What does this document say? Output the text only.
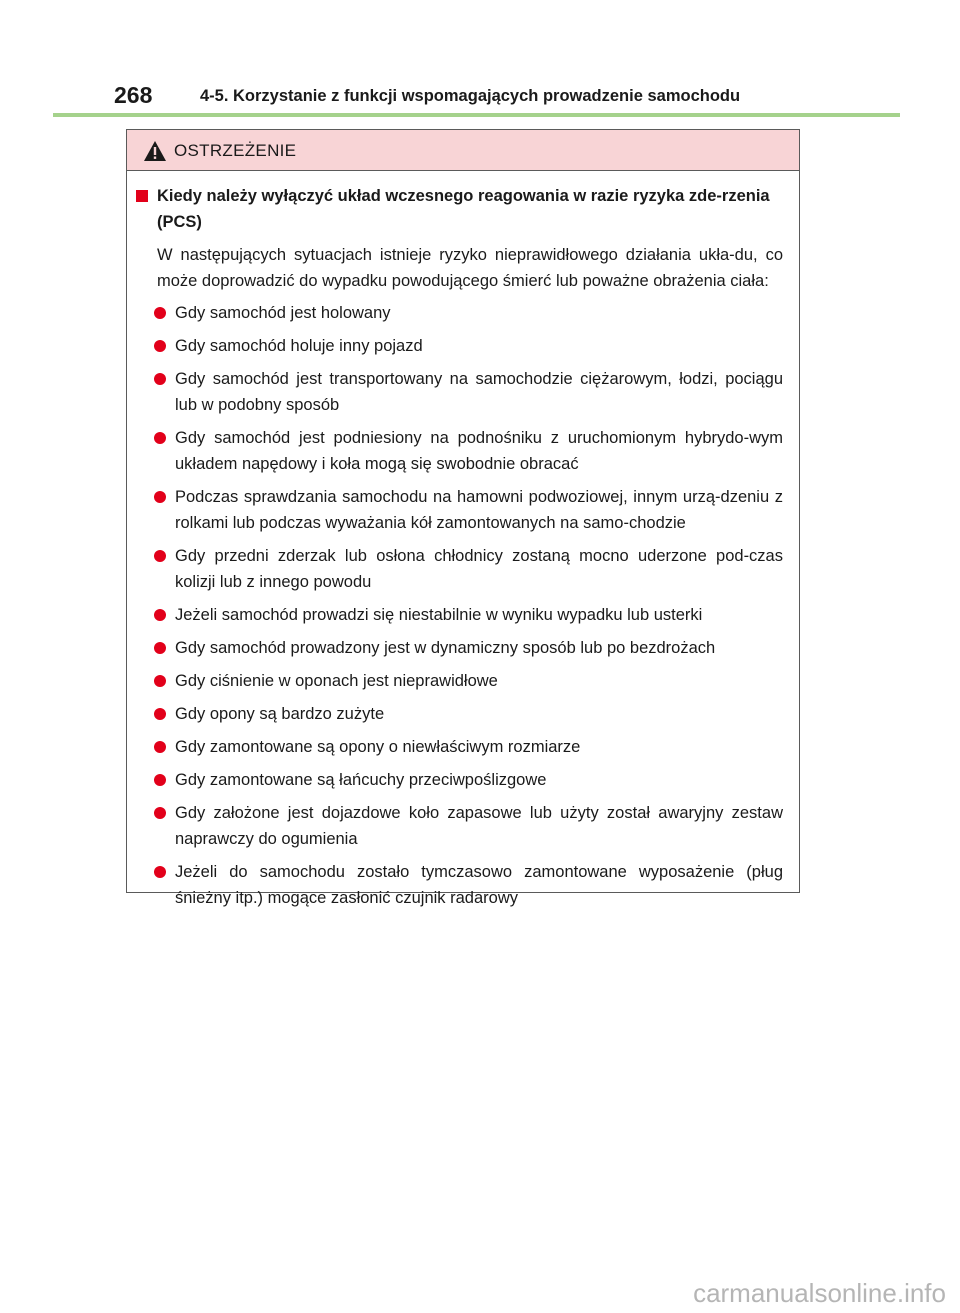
268	4-5. Korzystanie z funkcji wspomagających prowadzenie samochodu
OSTRZEŻENIE
Kiedy należy wyłączyć układ wczesnego reagowania w razie ryzyka zde-rzenia (PCS)
W następujących sytuacjach istnieje ryzyko nieprawidłowego działania ukła-du, co może doprowadzić do wypadku powodującego śmierć lub poważne obrażenia ciała:
Gdy samochód jest holowany
Gdy samochód holuje inny pojazd
Gdy samochód jest transportowany na samochodzie ciężarowym, łodzi, pociągu lub w podobny sposób
Gdy samochód jest podniesiony na podnośniku z uruchomionym hybrydo-wym układem napędowy i koła mogą się swobodnie obracać
Podczas sprawdzania samochodu na hamowni podwoziowej, innym urzą-dzeniu z rolkami lub podczas wyważania kół zamontowanych na samo-chodzie
Gdy przedni zderzak lub osłona chłodnicy zostaną mocno uderzone pod-czas kolizji lub z innego powodu
Jeżeli samochód prowadzi się niestabilnie w wyniku wypadku lub usterki
Gdy samochód prowadzony jest w dynamiczny sposób lub po bezdrożach
Gdy ciśnienie w oponach jest nieprawidłowe
Gdy opony są bardzo zużyte
Gdy zamontowane są opony o niewłaściwym rozmiarze
Gdy zamontowane są łańcuchy przeciwpoślizgowe
Gdy założone jest dojazdowe koło zapasowe lub użyty został awaryjny zestaw naprawczy do ogumienia
Jeżeli do samochodu zostało tymczasowo zamontowane wyposażenie (pług śnieżny itp.) mogące zasłonić czujnik radarowy
carmanualsonline.info
